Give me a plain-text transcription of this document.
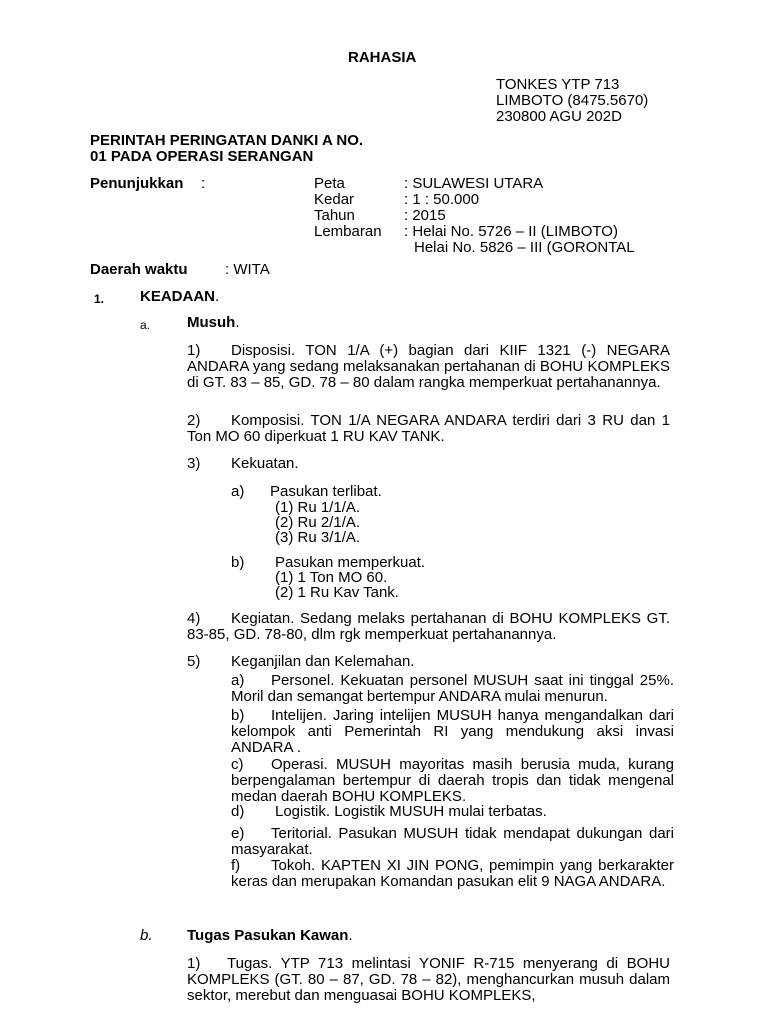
RAHASIA
TONKES YTP 713
LIMBOTO (8475.5670)
230800 AGU 202D
PERINTAH PERINGATAN DANKI A NO.
01 PADA OPERASI SERANGAN
Penunjukkan :	Peta	: SULAWESI UTARA
Kedar	: 1 : 50.000
Tahun	: 2015
Lembaran : Helai No. 5726 – II (LIMBOTO)
Helai No. 5826 – III (GORONTAL
Daerah waktu : WITA
1. KEADAAN.
a. Musuh.
1)	Disposisi. TON 1/A (+) bagian dari KIIF 1321 (-) NEGARA ANDARA yang sedang melaksanakan pertahanan di BOHU KOMPLEKS di GT. 83 – 85, GD. 78 – 80 dalam rangka memperkuat pertahanannya.
2)	Komposisi. TON 1/A NEGARA ANDARA terdiri dari 3 RU dan 1 Ton MO 60 diperkuat 1 RU KAV TANK.
3) Kekuatan.
a) Pasukan terlibat.
(1) Ru 1/1/A.
(2) Ru 2/1/A.
(3) Ru 3/1/A.
b) Pasukan memperkuat.
(1) 1 Ton MO 60.
(2) 1 Ru Kav Tank.
4)	Kegiatan. Sedang melaks pertahanan di BOHU KOMPLEKS GT. 83-85, GD. 78-80, dlm rgk memperkuat pertahanannya.
5) Keganjilan dan Kelemahan.
a)	Personel. Kekuatan personel MUSUH saat ini tinggal 25%. Moril dan semangat bertempur ANDARA mulai menurun.
b)	Intelijen. Jaring intelijen MUSUH hanya mengandalkan dari kelompok anti Pemerintah RI yang mendukung aksi invasi ANDARA .
c)	Operasi. MUSUH mayoritas masih berusia muda, kurang berpengalaman bertempur di daerah tropis dan tidak mengenal medan daerah BOHU KOMPLEKS.
d)	Logistik. Logistik MUSUH mulai terbatas.
e)	Teritorial. Pasukan MUSUH tidak mendapat dukungan dari masyarakat.
f)	Tokoh. KAPTEN XI JIN PONG, pemimpin yang berkarakter keras dan merupakan Komandan pasukan elit 9 NAGA ANDARA.
b. Tugas Pasukan Kawan.
1)	Tugas. YTP 713 melintasi YONIF R-715 menyerang di BOHU KOMPLEKS (GT. 80 – 87, GD. 78 – 82), menghancurkan musuh dalam sektor, merebut dan menguasai BOHU KOMPLEKS,
